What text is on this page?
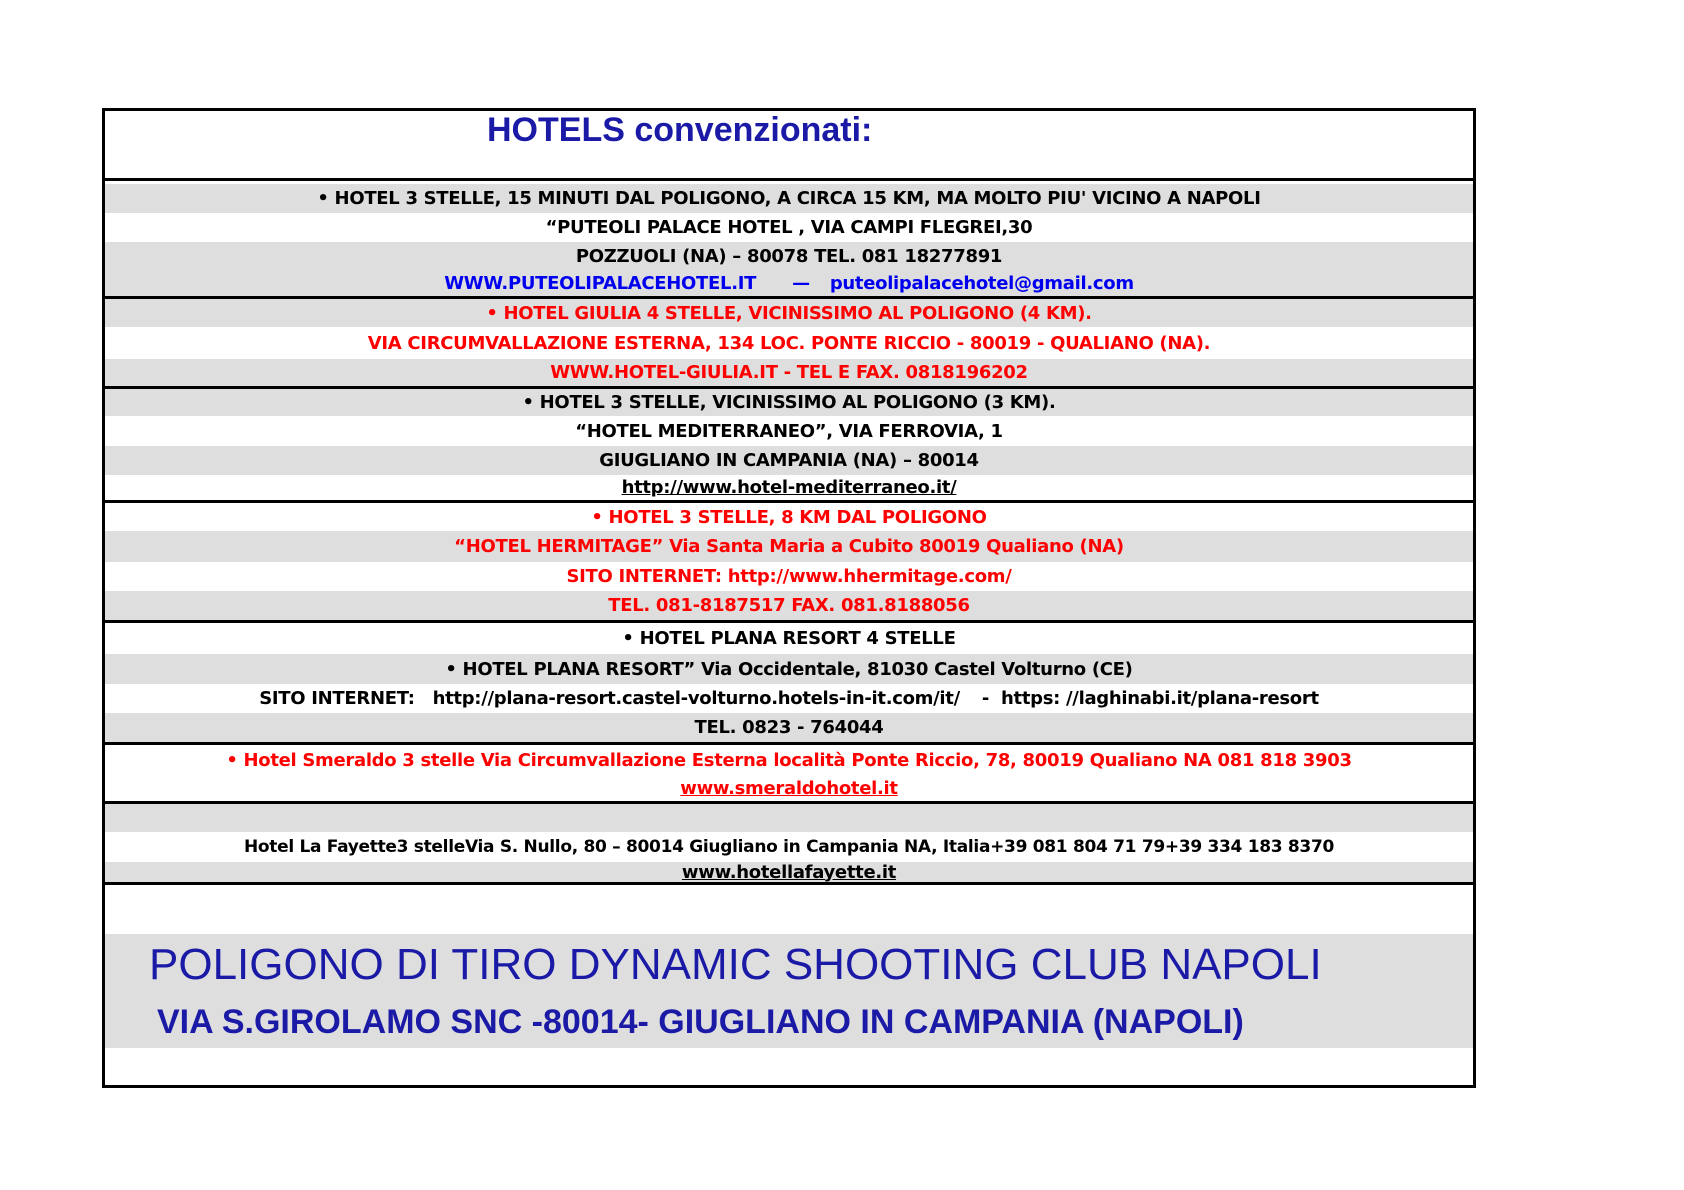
HOTELS convenzionati:
• HOTEL 3 STELLE, 15 MINUTI DAL POLIGONO, A CIRCA 15 KM, MA MOLTO PIU' VICINO A NAPOLI
“PUTEOLI PALACE HOTEL , VIA CAMPI FLEGREI,30
POZZUOLI (NA) – 80078 TEL. 081 18277891
WWW.PUTEOLIPALACEHOTEL.IT — puteolipalacehotel@gmail.com
• HOTEL GIULIA 4 STELLE, VICINISSIMO AL POLIGONO (4 KM).
VIA CIRCUMVALLAZIONE ESTERNA, 134 LOC. PONTE RICCIO - 80019 - QUALIANO (NA).
WWW.HOTEL-GIULIA.IT - TEL E FAX. 0818196202
• HOTEL 3 STELLE, VICINISSIMO AL POLIGONO (3 KM).
“HOTEL MEDITERRANEO”, VIA FERROVIA, 1
GIUGLIANO IN CAMPANIA (NA) – 80014
http://www.hotel-mediterraneo.it/
• HOTEL 3 STELLE, 8 KM DAL POLIGONO
“HOTEL HERMITAGE” Via Santa Maria a Cubito 80019 Qualiano (NA)
SITO INTERNET: http://www.hhermitage.com/
TEL. 081-8187517 FAX. 081.8188056
• HOTEL PLANA RESORT 4 STELLE
• HOTEL PLANA RESORT” Via Occidentale, 81030 Castel Volturno (CE)
SITO INTERNET: http://plana-resort.castel-volturno.hotels-in-it.com/it/ - https: //laghinabi.it/plana-resort
TEL. 0823 - 764044
• Hotel Smeraldo 3 stelle Via Circumvallazione Esterna località Ponte Riccio, 78, 80019 Qualiano NA 081 818 3903
www.smeraldohotel.it
Hotel La Fayette3 stelleVia S. Nullo, 80 – 80014 Giugliano in Campania NA, Italia+39 081 804 71 79+39 334 183 8370
www.hotellafayette.it
POLIGONO DI TIRO DYNAMIC SHOOTING CLUB NAPOLI
VIA S.GIROLAMO SNC -80014- GIUGLIANO IN CAMPANIA (NAPOLI)
